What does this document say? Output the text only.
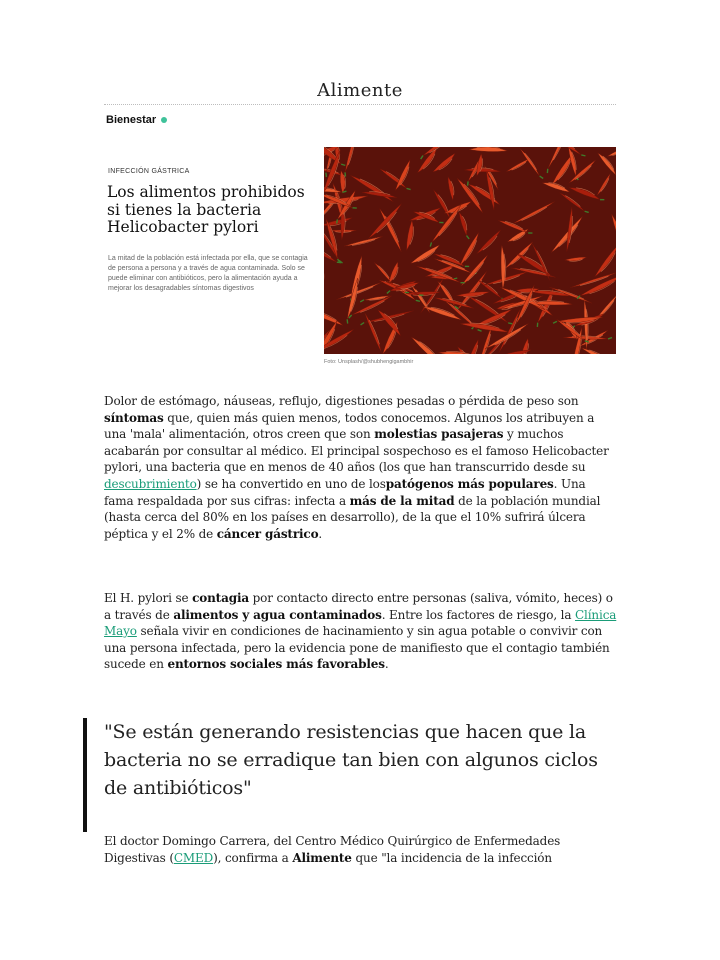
Alimente
Bienestar
INFECCIÓN GÁSTRICA
Los alimentos prohibidos si tienes la bacteria Helicobacter pylori

La mitad de la población está infectada por ella, que se contagia de persona a persona y a través de agua contaminada. Solo se puede eliminar con antibióticos, pero la alimentación ayuda a mejorar los desagradables síntomas digestivos

Foto: Unsplash/@shubhengigambhir

Dolor de estómago, náuseas, reflujo, digestiones pesadas o pérdida de peso son síntomas que, quien más quien menos, todos conocemos. Algunos los atribuyen a una 'mala' alimentación, otros creen que son molestias pasajeras y muchos acabarán por consultar al médico. El principal sospechoso es el famoso Helicobacter pylori, una bacteria que en menos de 40 años (los que han transcurrido desde su descubrimiento) se ha convertido en uno de lospatógenos más populares. Una fama respaldada por sus cifras: infecta a más de la mitad de la población mundial (hasta cerca del 80% en los países en desarrollo), de la que el 10% sufrirá úlcera péptica y el 2% de cáncer gástrico.

El H. pylori se contagia por contacto directo entre personas (saliva, vómito, heces) o a través de alimentos y agua contaminados. Entre los factores de riesgo, la Clínica Mayo señala vivir en condiciones de hacinamiento y sin agua potable o convivir con una persona infectada, pero la evidencia pone de manifiesto que el contagio también sucede en entornos sociales más favorables.

"Se están generando resistencias que hacen que la bacteria no se erradique tan bien con algunos ciclos de antibióticos"

El doctor Domingo Carrera, del Centro Médico Quirúrgico de Enfermedades Digestivas (CMED), confirma a Alimente que "la incidencia de la infección
